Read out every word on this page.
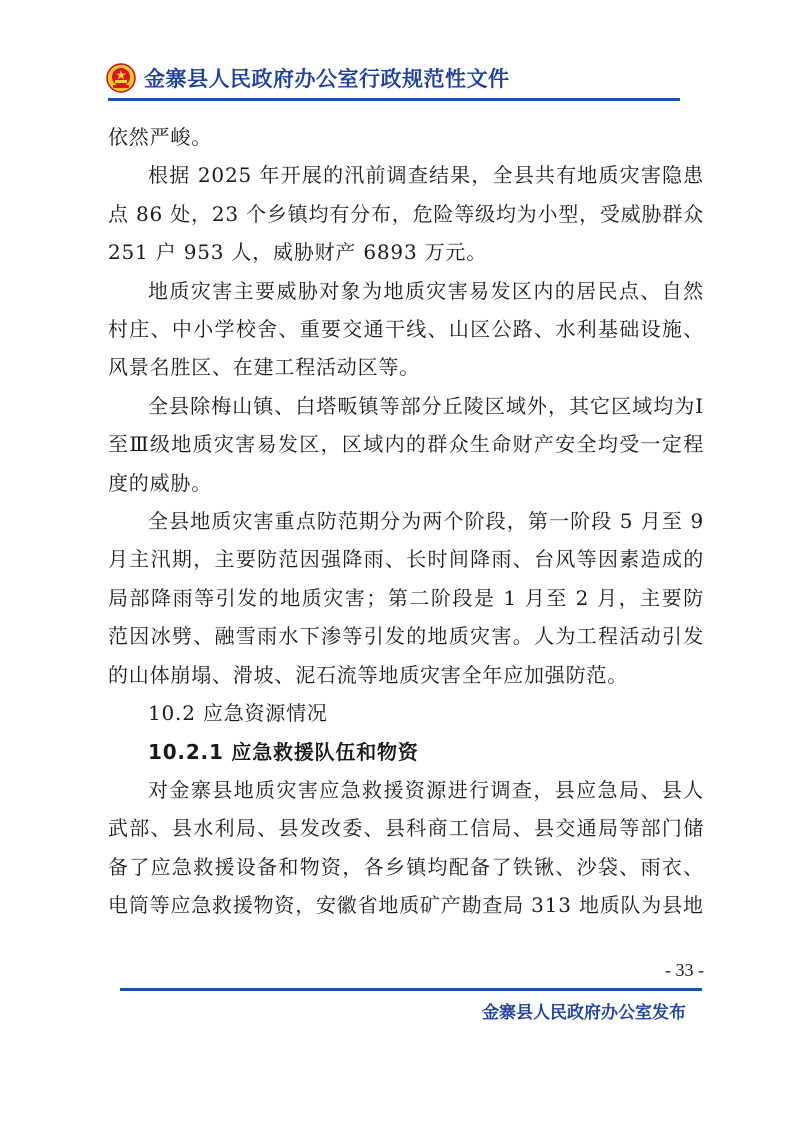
金寨县人民政府办公室行政规范性文件

依然严峻。

根据 2025 年开展的汛前调查结果，全县共有地质灾害隐患点 86 处，23 个乡镇均有分布，危险等级均为小型，受威胁群众 251 户 953 人，威胁财产 6893 万元。

地质灾害主要威胁对象为地质灾害易发区内的居民点、自然村庄、中小学校舍、重要交通干线、山区公路、水利基础设施、风景名胜区、在建工程活动区等。

全县除梅山镇、白塔畈镇等部分丘陵区域外，其它区域均为Ⅰ至Ⅲ级地质灾害易发区，区域内的群众生命财产安全均受一定程度的威胁。

全县地质灾害重点防范期分为两个阶段，第一阶段 5 月至 9 月主汛期，主要防范因强降雨、长时间降雨、台风等因素造成的局部降雨等引发的地质灾害；第二阶段是 1 月至 2 月，主要防范因冰劈、融雪雨水下渗等引发的地质灾害。人为工程活动引发的山体崩塌、滑坡、泥石流等地质灾害全年应加强防范。

10.2 应急资源情况

10.2.1 应急救援队伍和物资

对金寨县地质灾害应急救援资源进行调查，县应急局、县人武部、县水利局、县发改委、县科商工信局、县交通局等部门储备了应急救援设备和物资，各乡镇均配备了铁锹、沙袋、雨衣、电筒等应急救援物资，安徽省地质矿产勘查局 313 地质队为县地

- 33 -
金寨县人民政府办公室发布
